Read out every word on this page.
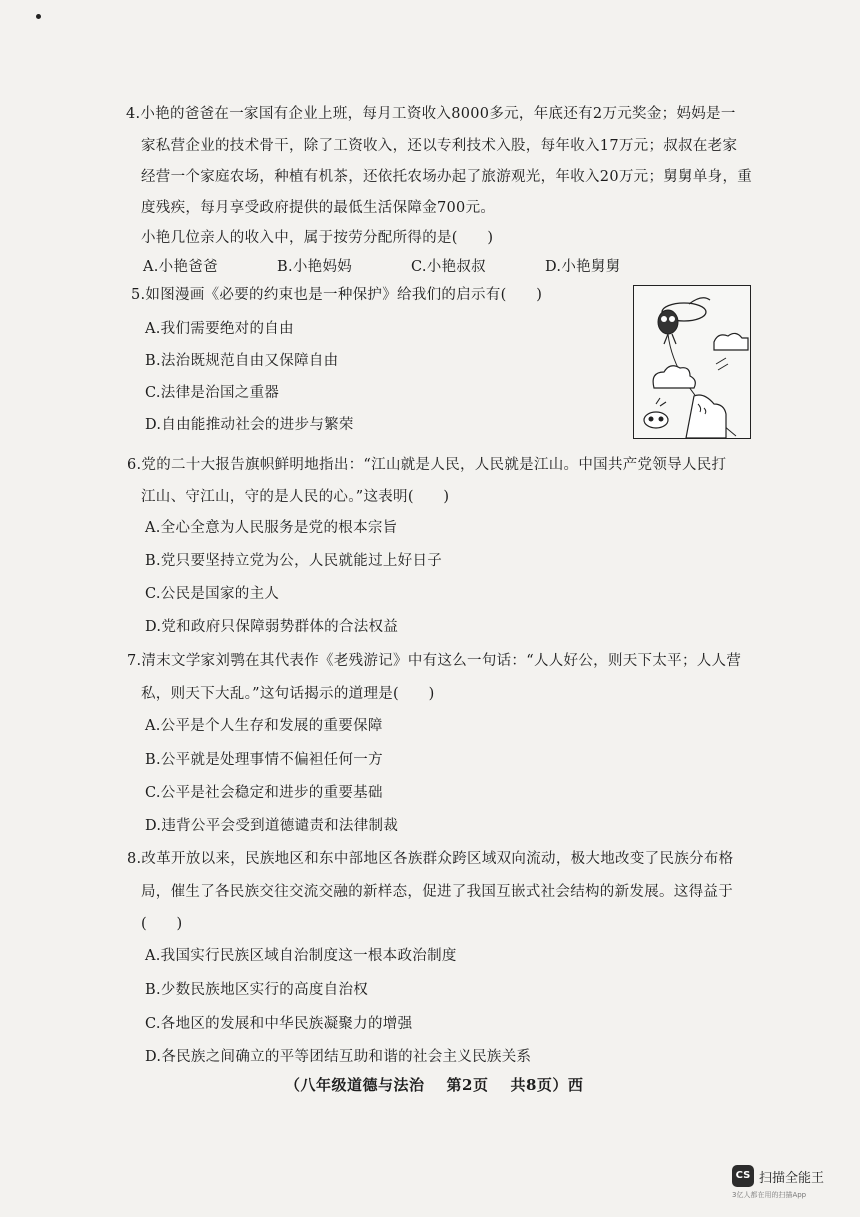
4.小艳的爸爸在一家国有企业上班，每月工资收入8000多元，年底还有2万元奖金；妈妈是一
家私营企业的技术骨干，除了工资收入，还以专利技术入股，每年收入17万元；叔叔在老家
经营一个家庭农场，种植有机茶，还依托农场办起了旅游观光，年收入20万元；舅舅单身，重
度残疾，每月享受政府提供的最低生活保障金700元。
小艳几位亲人的收入中，属于按劳分配所得的是(　　)
A.小艳爸爸	B.小艳妈妈	C.小艳叔叔	D.小艳舅舅
5.如图漫画《必要的约束也是一种保护》给我们的启示有(　　)
A.我们需要绝对的自由
B.法治既规范自由又保障自由
C.法律是治国之重器
D.自由能推动社会的进步与繁荣
6.党的二十大报告旗帜鲜明地指出：“江山就是人民，人民就是江山。中国共产党领导人民打
江山、守江山，守的是人民的心。”这表明(　　)
A.全心全意为人民服务是党的根本宗旨
B.党只要坚持立党为公，人民就能过上好日子
C.公民是国家的主人
D.党和政府只保障弱势群体的合法权益
7.清末文学家刘鹗在其代表作《老残游记》中有这么一句话：“人人好公，则天下太平；人人营
私，则天下大乱。”这句话揭示的道理是(　　)
A.公平是个人生存和发展的重要保障
B.公平就是处理事情不偏袒任何一方
C.公平是社会稳定和进步的重要基础
D.违背公平会受到道德谴责和法律制裁
8.改革开放以来，民族地区和东中部地区各族群众跨区域双向流动，极大地改变了民族分布格
局，催生了各民族交往交流交融的新样态，促进了我国互嵌式社会结构的新发展。这得益于
(　　)
A.我国实行民族区域自治制度这一根本政治制度
B.少数民族地区实行的高度自治权
C.各地区的发展和中华民族凝聚力的增强
D.各民族之间确立的平等团结互助和谐的社会主义民族关系
（八年级道德与法治 第2页 共8页）西
CS 扫描全能王
3亿人都在用的扫描App
